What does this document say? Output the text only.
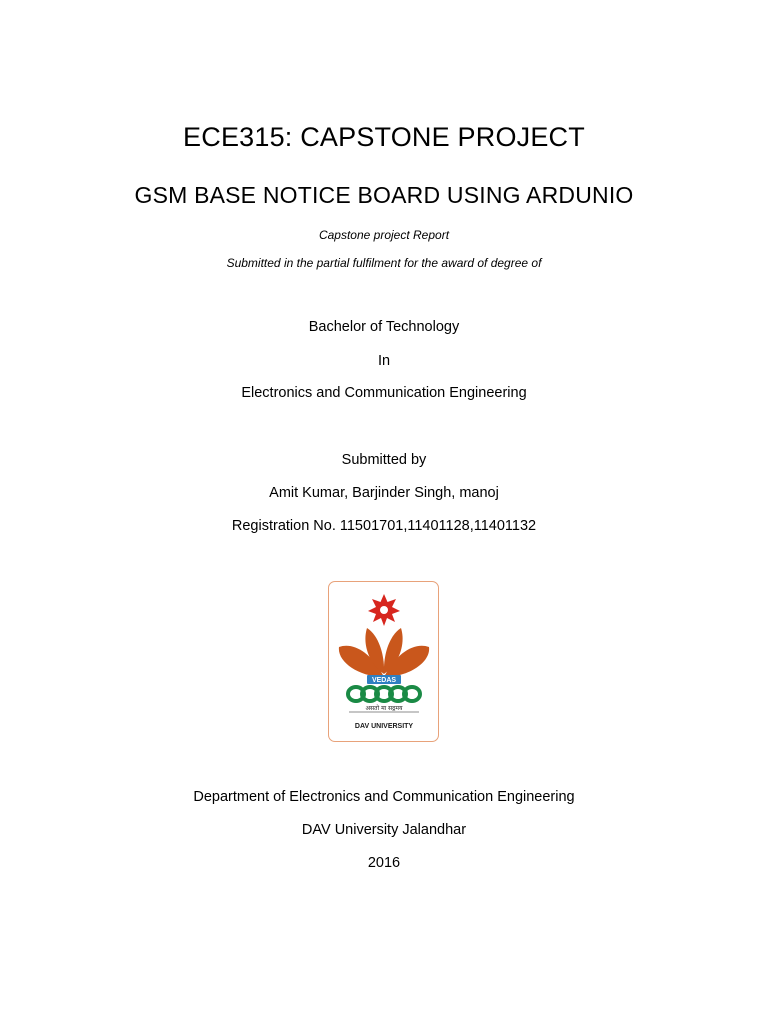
ECE315: CAPSTONE PROJECT
GSM BASE NOTICE BOARD USING ARDUNIO
Capstone project Report
Submitted in the partial fulfilment for the award of degree of
Bachelor of Technology
In
Electronics and Communication Engineering
Submitted by
Amit Kumar, Barjinder Singh, manoj
Registration No. 11501701,11401128,11401132
VEDAS
असतो मा सद्गमय
DAV UNIVERSITY
Department of Electronics and Communication Engineering
DAV University Jalandhar
2016
